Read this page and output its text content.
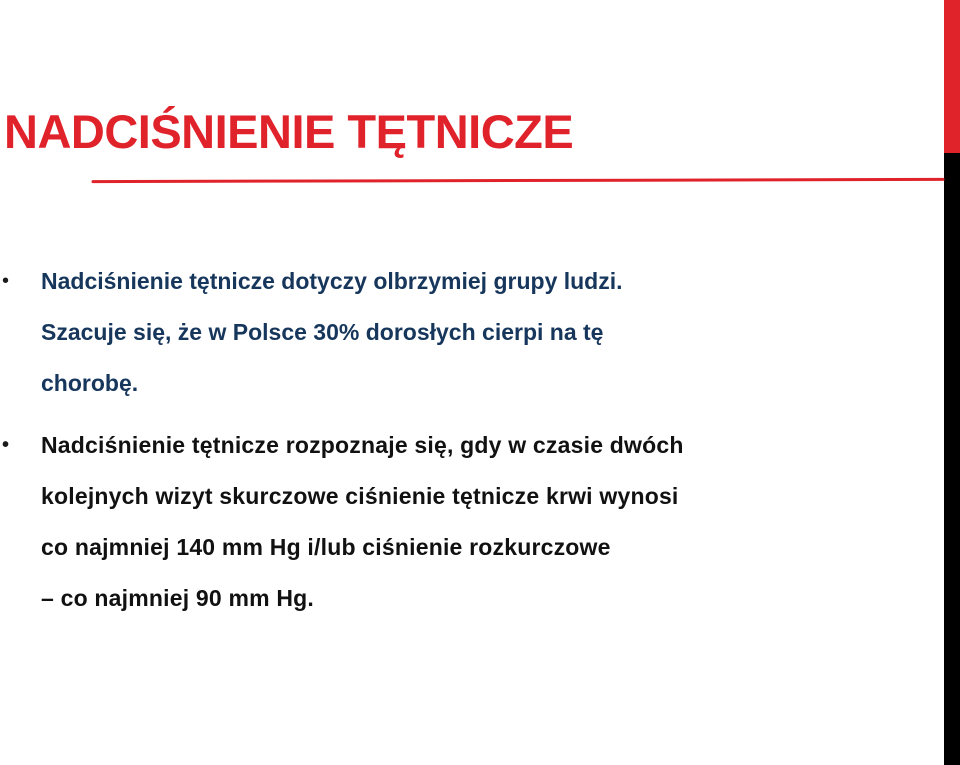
NADCIŚNIENIE TĘTNICZE
• Nadciśnienie tętnicze dotyczy olbrzymiej grupy ludzi.
Szacuje się, że w Polsce 30% dorosłych cierpi na tę
chorobę.
• Nadciśnienie tętnicze rozpoznaje się, gdy w czasie dwóch
kolejnych wizyt skurczowe ciśnienie tętnicze krwi wynosi
co najmniej 140 mm Hg i/lub ciśnienie rozkurczowe
– co najmniej 90 mm Hg.
